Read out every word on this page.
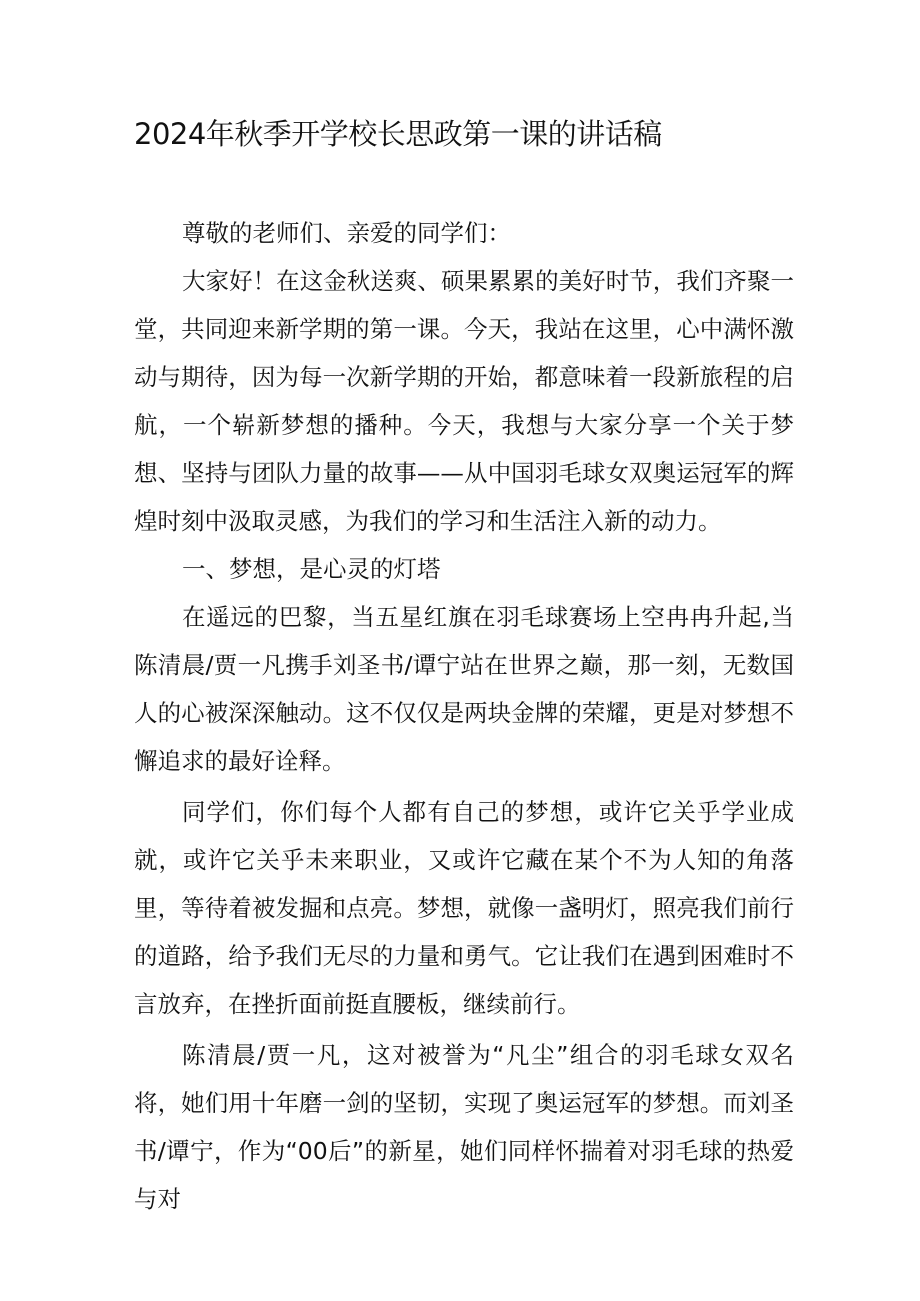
2024年秋季开学校长思政第一课的讲话稿

尊敬的老师们、亲爱的同学们：

大家好！在这金秋送爽、硕果累累的美好时节，我们齐聚一堂，共同迎来新学期的第一课。今天，我站在这里，心中满怀激动与期待，因为每一次新学期的开始，都意味着一段新旅程的启航，一个崭新梦想的播种。今天，我想与大家分享一个关于梦想、坚持与团队力量的故事——从中国羽毛球女双奥运冠军的辉煌时刻中汲取灵感，为我们的学习和生活注入新的动力。

一、梦想，是心灵的灯塔

在遥远的巴黎，当五星红旗在羽毛球赛场上空冉冉升起,当陈清晨/贾一凡携手刘圣书/谭宁站在世界之巅，那一刻，无数国人的心被深深触动。这不仅仅是两块金牌的荣耀，更是对梦想不懈追求的最好诠释。

同学们，你们每个人都有自己的梦想，或许它关乎学业成就，或许它关乎未来职业，又或许它藏在某个不为人知的角落里，等待着被发掘和点亮。梦想，就像一盏明灯，照亮我们前行的道路，给予我们无尽的力量和勇气。它让我们在遇到困难时不言放弃，在挫折面前挺直腰板，继续前行。

陈清晨/贾一凡，这对被誉为“凡尘”组合的羽毛球女双名将，她们用十年磨一剑的坚韧，实现了奥运冠军的梦想。而刘圣书/谭宁，作为“00后”的新星，她们同样怀揣着对羽毛球的热爱与对
